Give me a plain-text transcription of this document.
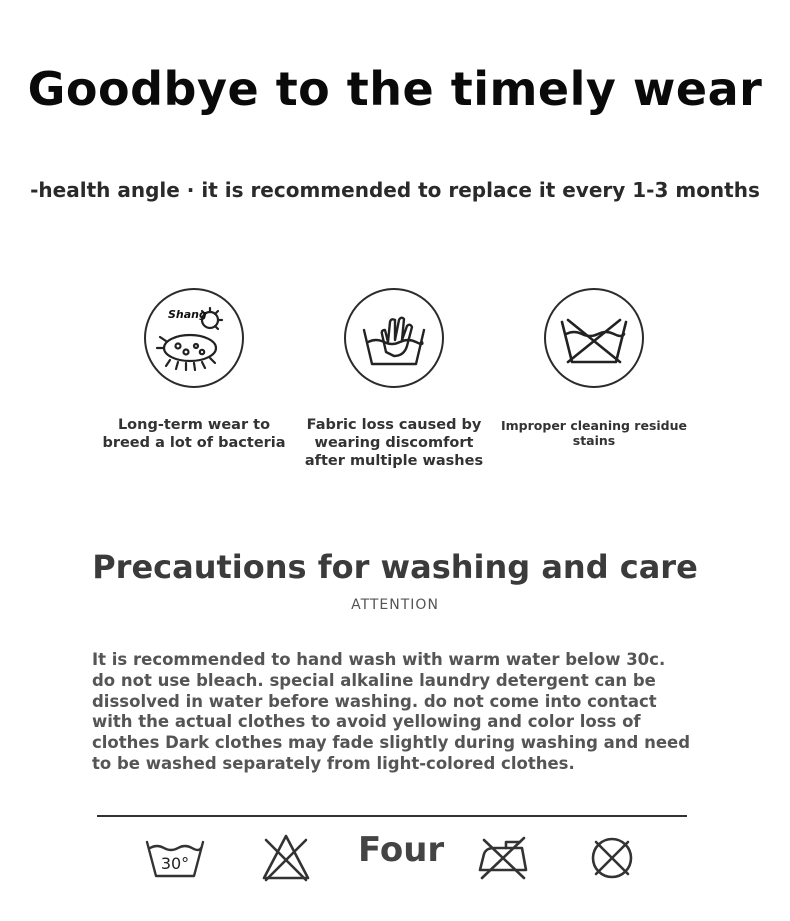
Goodbye to the timely wear
-health angle · it is recommended to replace it every 1-3 months
Shang
Long-term wear to breed a lot of bacteria
Fabric loss caused by wearing discomfort after multiple washes
Improper cleaning residue stains
Precautions for washing and care
ATTENTION
It is recommended to hand wash with warm water below 30c.
do not use bleach. special alkaline laundry detergent can be
dissolved in water before washing. do not come into contact
with the actual clothes to avoid yellowing and color loss of
clothes Dark clothes may fade slightly during washing and need
to be washed separately from light-colored clothes.
30°	Four
